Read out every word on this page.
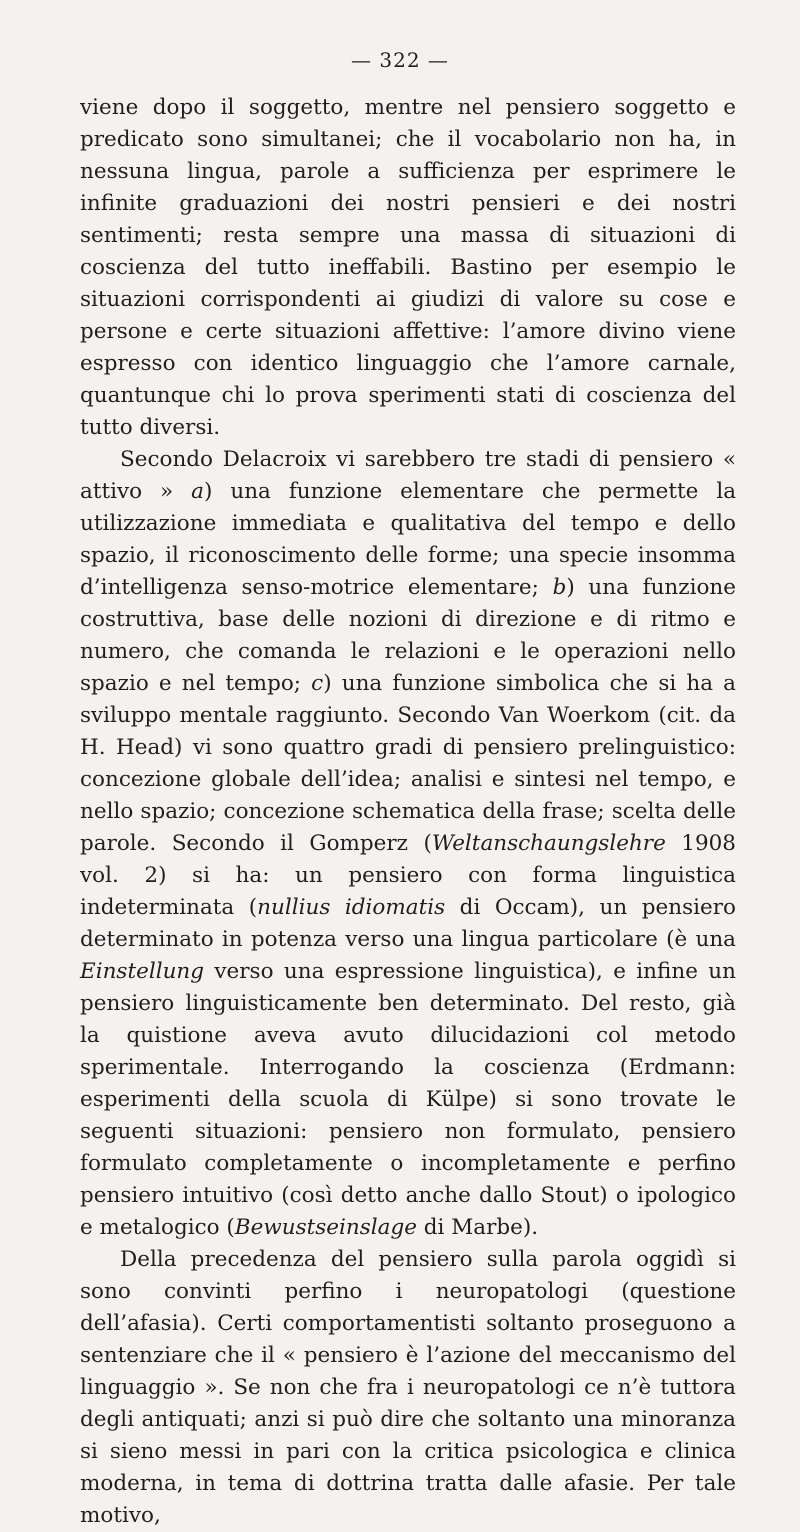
— 322 —

viene dopo il soggetto, mentre nel pensiero soggetto e predicato sono simultanei; che il vocabolario non ha, in nessuna lingua, parole a sufficienza per esprimere le infinite graduazioni dei nostri pensieri e dei nostri sentimenti; resta sempre una massa di situazioni di coscienza del tutto ineffabili. Bastino per esempio le situazioni corrispondenti ai giudizi di valore su cose e persone e certe situazioni affettive: l’amore divino viene espresso con identico linguaggio che l’amore carnale, quantunque chi lo prova sperimenti stati di coscienza del tutto diversi.

Secondo Delacroix vi sarebbero tre stadi di pensiero « attivo » a) una funzione elementare che permette la utilizzazione immediata e qualitativa del tempo e dello spazio, il riconoscimento delle forme; una specie insomma d’intelligenza senso-motrice elementare; b) una funzione costruttiva, base delle nozioni di direzione e di ritmo e numero, che comanda le relazioni e le operazioni nello spazio e nel tempo; c) una funzione simbolica che si ha a sviluppo mentale raggiunto. Secondo Van Woerkom (cit. da H. Head) vi sono quattro gradi di pensiero prelinguistico: concezione globale dell’idea; analisi e sintesi nel tempo, e nello spazio; concezione schematica della frase; scelta delle parole. Secondo il Gomperz (Weltanschaungslehre 1908 vol. 2) si ha: un pensiero con forma linguistica indeterminata (nullius idiomatis di Occam), un pensiero determinato in potenza verso una lingua particolare (è una Einstellung verso una espressione linguistica), e infine un pensiero linguisticamente ben determinato. Del resto, già la quistione aveva avuto dilucidazioni col metodo sperimentale. Interrogando la coscienza (Erdmann: esperimenti della scuola di Külpe) si sono trovate le seguenti situazioni: pensiero non formulato, pensiero formulato completamente o incompletamente e perfino pensiero intuitivo (così detto anche dallo Stout) o ipologico e metalogico (Bewustseinslage di Marbe).

Della precedenza del pensiero sulla parola oggidì si sono convinti perfino i neuropatologi (questione dell’afasia). Certi comportamentisti soltanto proseguono a sentenziare che il « pensiero è l’azione del meccanismo del linguaggio ». Se non che fra i neuropatologi ce n’è tuttora degli antiquati; anzi si può dire che soltanto una minoranza si sieno messi in pari con la critica psicologica e clinica moderna, in tema di dottrina tratta dalle afasie. Per tale motivo,
